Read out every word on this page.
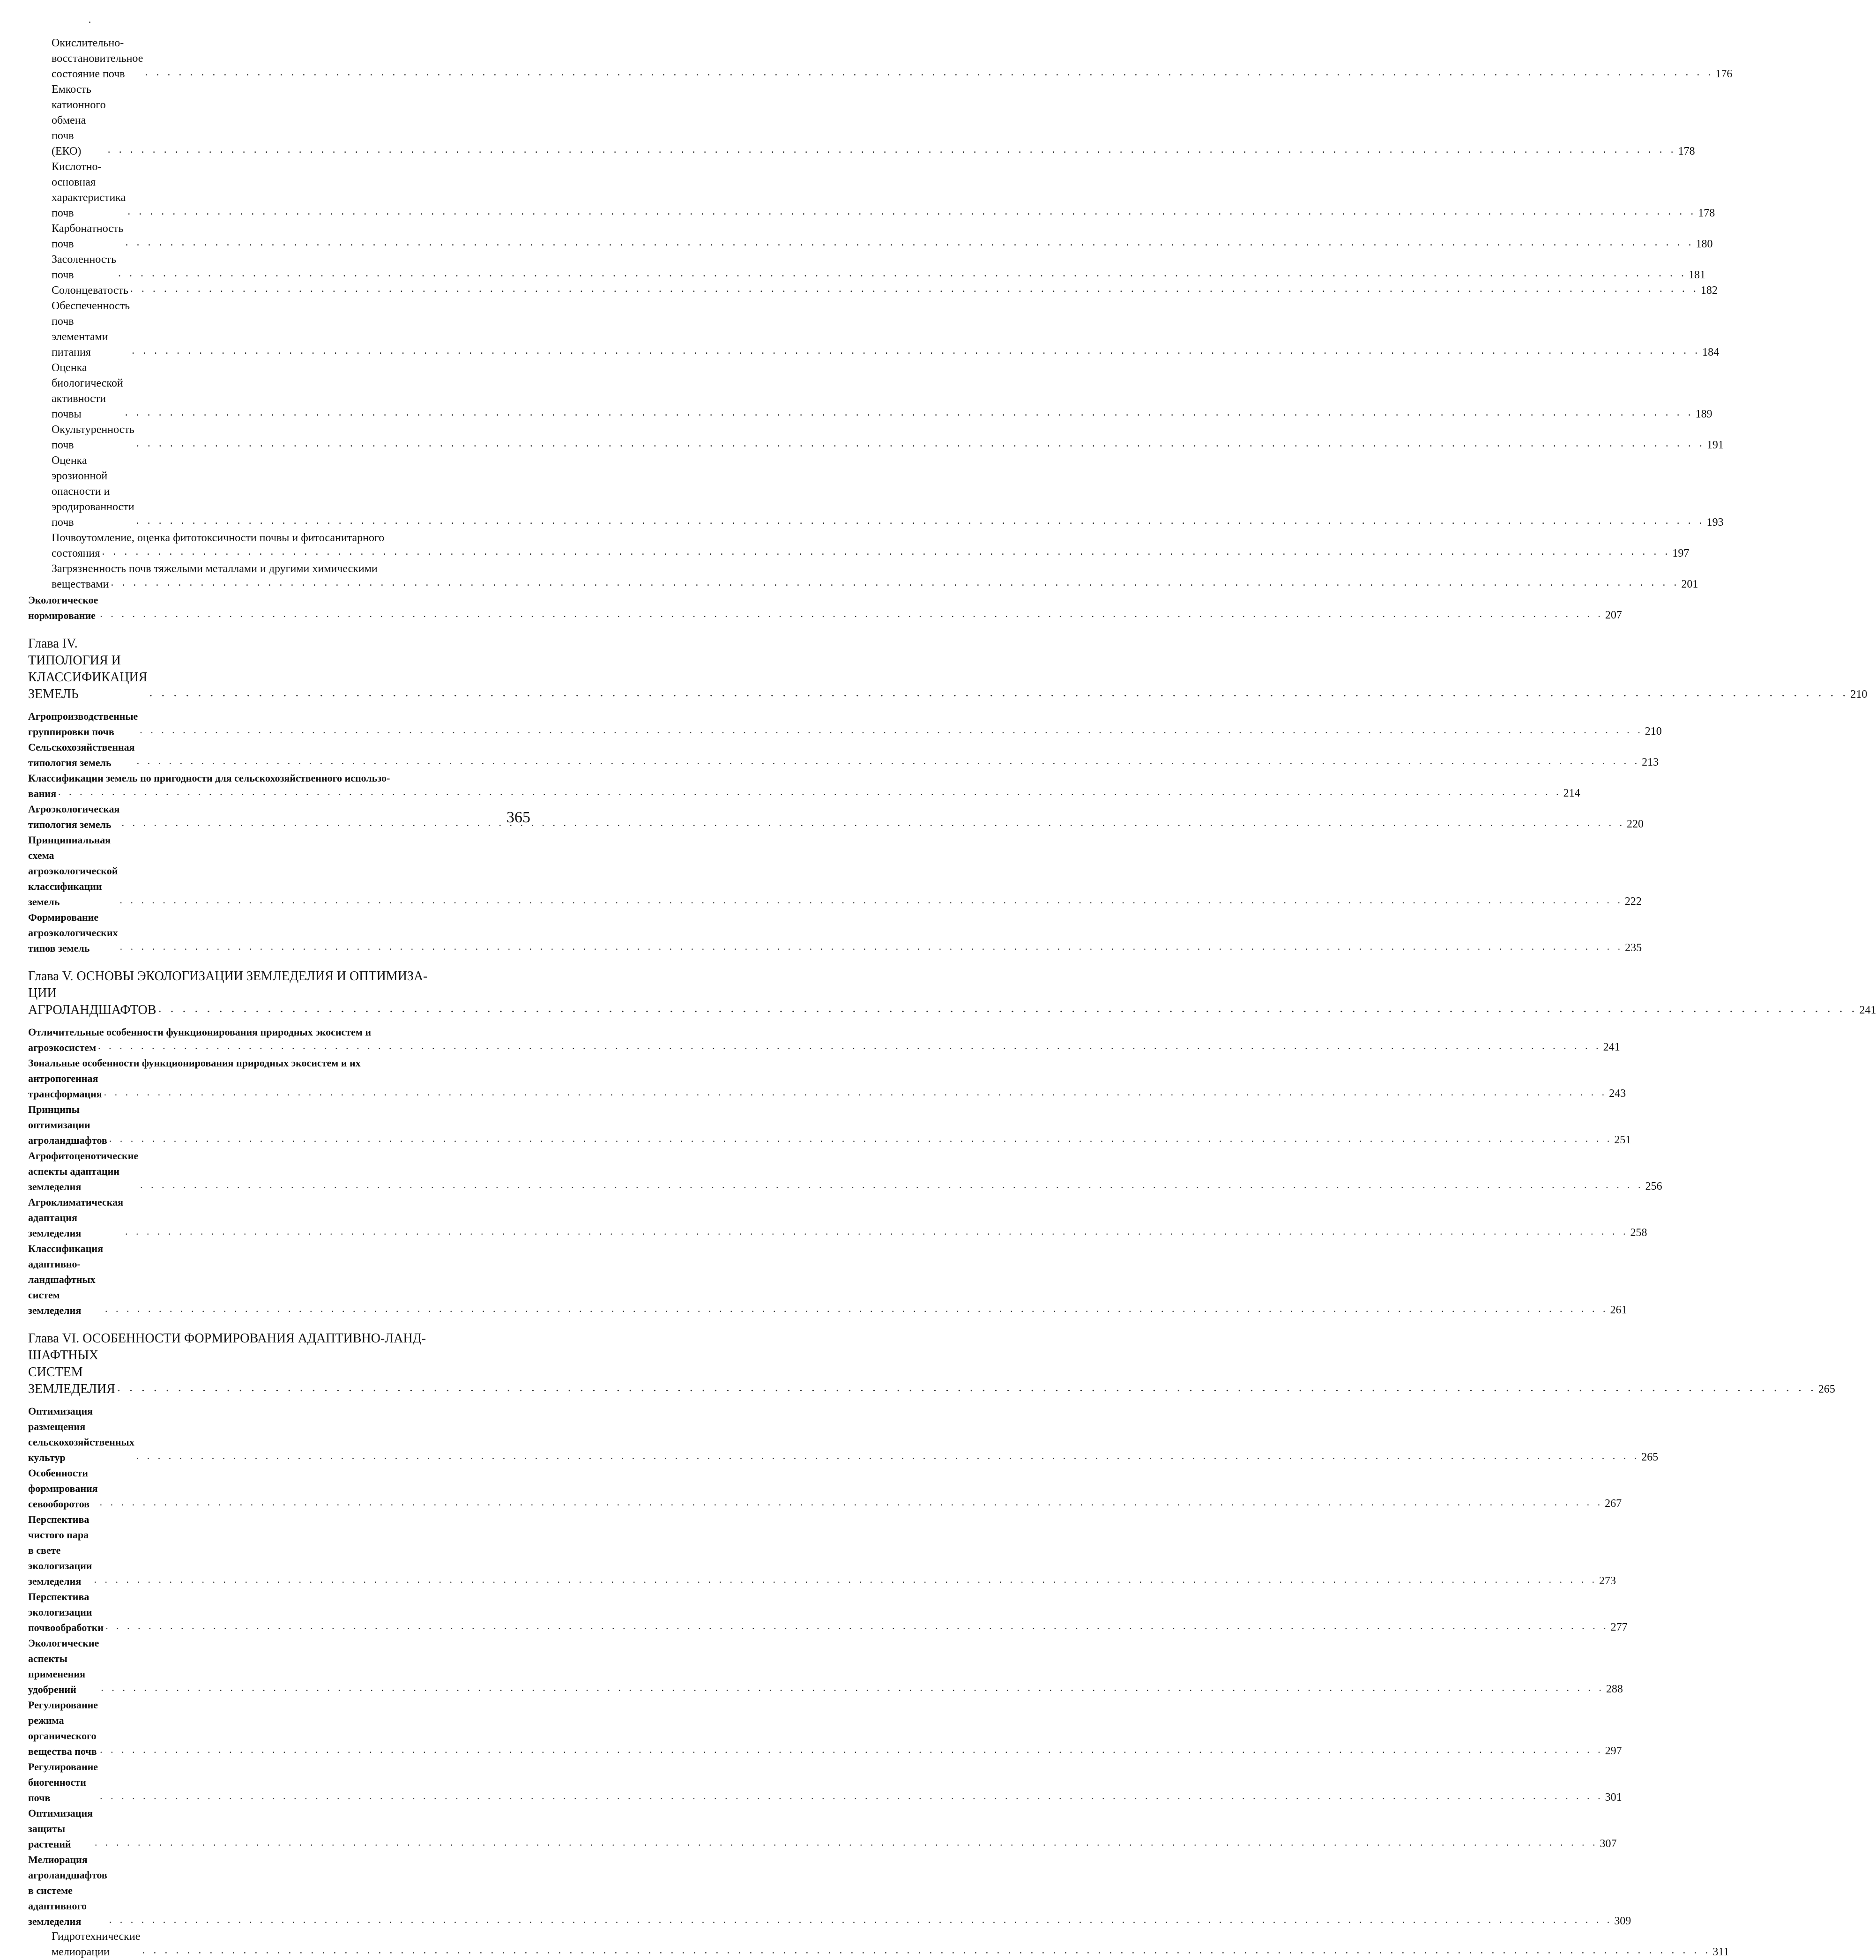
Окислительно-восстановительное состояние почв
. . .	176
Емкость катионного обмена почв (ЕКО)
. . .	178
Кислотно-основная характеристика почв
. . .	178
Карбонатность почв
. . .	180
Засоленность почв
. . .	181
Солонцеватость
. . .	182
Обеспеченность почв элементами питания
. . .	184
Оценка биологической активности почвы
. . .	189
Окультуренность почв
. . .	191
Оценка эрозионной опасности и эродированности почв
. . .	193
Почвоутомление, оценка фитотоксичности почвы и фитосанитарного
состояния
. . .	197
Загрязненность почв тяжелыми металлами и другими химическими
веществами
. . .	201
Экологическое нормирование
. . .	207
Глава IV. ТИПОЛОГИЯ И КЛАССИФИКАЦИЯ ЗЕМЕЛЬ
. . .	210
Агропроизводственные группировки почв
. . .	210
Сельскохозяйственная типология земель
. . .	213
Классификации земель по пригодности для сельскохозяйственного использо-
вания
. . .	214
Агроэкологическая типология земель
. . .	220
Принципиальная схема агроэкологической классификации земель
. . .	222
Формирование агроэкологических типов земель
. . .	235
Глава V. ОСНОВЫ ЭКОЛОГИЗАЦИИ ЗЕМЛЕДЕЛИЯ И ОПТИМИЗА-
ЦИИ АГРОЛАНДШАФТОВ
. . .	241
Отличительные особенности функционирования природных экосистем и
агроэкосистем
. . .	241
Зональные особенности функционирования природных экосистем и их
антропогенная трансформация
. . .	243
Принципы оптимизации агроландшафтов
. . .	251
Агрофитоценотические аспекты адаптации земледелия
. . .	256
Агроклиматическая адаптация земледелия
. . .	258
Классификация адаптивно-ландшафтных систем земледелия
. . .	261
Глава VI. ОСОБЕННОСТИ ФОРМИРОВАНИЯ АДАПТИВНО-ЛАНД-
ШАФТНЫХ СИСТЕМ ЗЕМЛЕДЕЛИЯ
. . .	265
Оптимизация размещения сельскохозяйственных культур
. . .	265
Особенности формирования севооборотов
. . .	267
Перспектива чистого пара в свете экологизации земледелия
. . .	273
Перспектива экологизации почвообработки
. . .	277
Экологические аспекты применения удобрений
. . .	288
Регулирование режима органического вещества почв
. . .	297
Регулирование биогенности почв
. . .	301
Оптимизация защиты растений
. . .	307
Мелиорация агроландшафтов в системе адаптивного земледелия
. . .	309
Гидротехнические мелиорации
. . .	311
365
